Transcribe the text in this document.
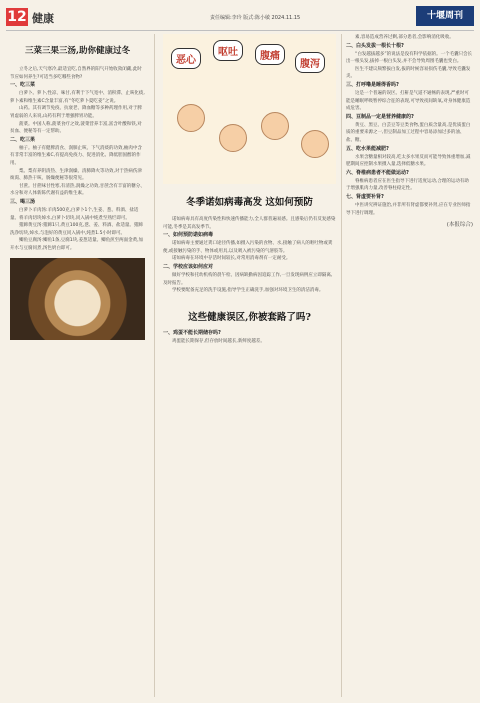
12 健康	责任编辑:李玲 版式:陈小敏 2024.11.15	十堰周刊
三菜三果三汤,助你健康过冬
立冬之后,天气寒冷,最适宜吃,自然界的阳气开始收敛闭藏,此时节应如何养生?可适当多吃哪些食物?
一、吃三菜
白萝卜。萝卜,性凉、味甘,有利于下气宽中、消积滞、止咳化痰,萝卜素和维生素C含量丰富,有“冬吃萝卜夏吃姜”之说。
山药。其有调节免疫、抗衰老、降血糖等多种药理作用,对于脾胃虚弱的人来说,山药有利于增强脾胃功能。
菠菜。中国人称,菠菜食疗之效,菠菜营养丰富,富含叶酸和铁,对贫血、便秘等有一定帮助。
二、吃三果
柚子。柚子有健脾消食、润肺止咳、下气消痰的功效,柚肉中含有非常丰富的维生素C,有提高免疫力、促进消化、降低胆固醇的作用。
梨。梨有养阴清热、生津润燥、清肺降火等功效,对于热病伤津烦渴、肺热干咳、肠燥便秘等很常见。
甘蔗。甘蔗味甘性寒,有清热,润燥之功效,甘蔗含有丰富的糖分、水分和对人体新陈代谢有益的维生素。
三、喝三汤
白萝卜羊肉汤:羊肉500克,白萝卜1个,生姜、葱、料酒、盐适量。将羊肉切块焯水,白萝卜切块,同入锅中炖煮至熟烂即可。
猪蹄黄豆汤:猪蹄1只,黄豆100克,葱、姜、料酒、盐适量。猪蹄洗净切块,焯水,与泡好的黄豆同入锅中,炖煮1.5小时即可。
鲫鱼豆腐汤:鲫鱼1条,豆腐1块,姜葱适量。鲫鱼煎至两面金黄,加开水与豆腐同煮,汤色奶白即可。
恶心
呕吐	腹痛
腹泻
冬季诺如病毒高发 这如何预防
诺如病毒具有高度传染性和快速传播能力,全人群普遍易感。且感染后仍有反复感染可能,冬季是其高发季节。
一、如何预防诺如病毒
诺如病毒主要通过粪口途径传播,如摄入污染的食物、水,接触了病人的呕吐物或粪便,或接触污染的手、物体或用具,以及吸入被污染的气溶胶等。
诺如病毒在环境中存活时间较长,对常用消毒剂有一定耐受。
二、学校应该如何应对
做好学校和托幼机构的晨午检、因病缺勤病因追踪工作,一旦发现病例应立即隔离,及时报告。
学校要配备充足的洗手设施,指导学生正确洗手,加强对环境卫生的清洁消毒。
这些健康误区,你被套路了吗?
一、鸡蛋不能长期储存吗?
鸡蛋能长期保存,但存放时间越长,新鲜度越差。
素,容易造成营养过剩,部分患者,会影响消化吸收。
二、白头发拔一根长十根?
“白发越拔越多”的说法是没有科学依据的。一个毛囊只会长出一根头发,拔掉一根白头发,并不会导致周围毛囊也变白。
医生不建议频繁拔白发,拔的时候容易损伤毛囊,导致毛囊发炎。
三、打呼噜是睡得香吗?
这是一个普遍的误区。打鼾是气道不通畅的表现,严重时可能是睡眠呼吸暂停综合征的表现,可导致夜间缺氧,对身体健康造成危害。
四、豆制品一定是营养健康的?
黄豆、黑豆、白芸豆等豆类食物,蛋白质含量高,是优质蛋白质的重要来源之一,但豆制品加工过程中容易添加过多的油、盐、糖。
五、吃水果能减肥?
水果含糖量相对较高,吃太多水果反而可能导致体重增加,减肥期间应控制水果摄入量,选择低糖水果。
六、脊椎病患者不能做运动?
脊椎病患者应在医生指导下进行适度运动,合理的运动有助于增强肌肉力量,改善脊柱稳定性。
七、肾虚要补肾?
中医讲究辨证施治,并非所有肾虚都要补肾,应在专业医师指导下进行调理。
(本报综合)
